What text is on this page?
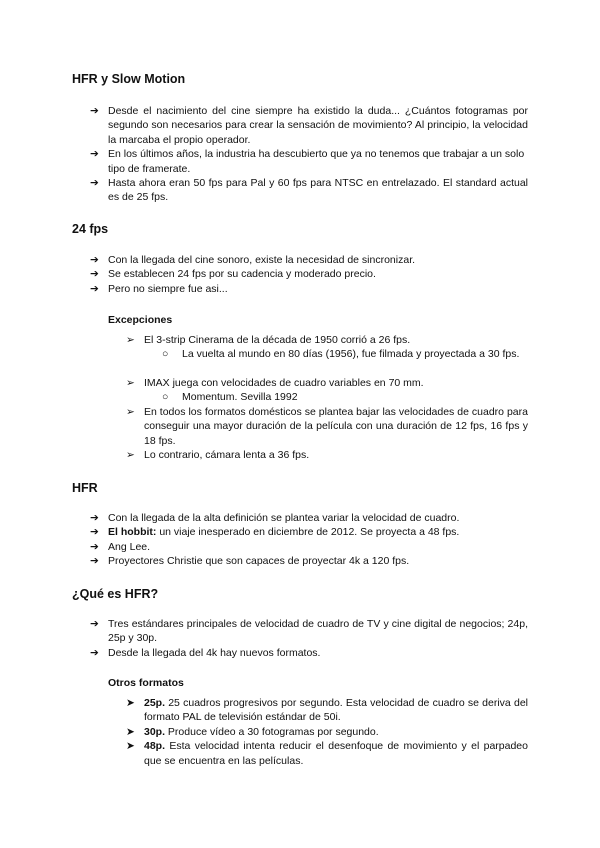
HFR y Slow Motion
➔ Desde el nacimiento del cine siempre ha existido la duda... ¿Cuántos fotogramas por segundo son necesarios para crear la sensación de movimiento? Al principio, la velocidad la marcaba el propio operador.
➔ En los últimos años, la industria ha descubierto que ya no tenemos que trabajar a un solo tipo de framerate.
➔ Hasta ahora eran 50 fps para Pal y 60 fps para NTSC en entrelazado. El standard actual es de 25 fps.
24 fps
➔ Con la llegada del cine sonoro, existe la necesidad de sincronizar.
➔ Se establecen 24 fps por su cadencia y moderado precio.
➔ Pero no siempre fue asi...
Excepciones
➢ El 3-strip Cinerama de la década de 1950 corrió a 26 fps.
○	La vuelta al mundo en 80 días (1956), fue filmada y proyectada a 30 fps.
➢ IMAX juega con velocidades de cuadro variables en 70 mm.
○	Momentum. Sevilla 1992
➢ En todos los formatos domésticos se plantea bajar las velocidades de cuadro para conseguir una mayor duración de la película con una duración de 12 fps, 16 fps y 18 fps.
➢ Lo contrario, cámara lenta a 36 fps.
HFR
➔ Con la llegada de la alta definición se plantea variar la velocidad de cuadro.
➔ El hobbit: un viaje inesperado en diciembre de 2012. Se proyecta a 48 fps.
➔ Ang Lee.
➔ Proyectores Christie que son capaces de proyectar 4k a 120 fps.
¿Qué es HFR?
➔ Tres estándares principales de velocidad de cuadro de TV y cine digital de negocios; 24p, 25p y 30p.
➔ Desde la llegada del 4k hay nuevos formatos.
Otros formatos
➤ 25p. 25 cuadros progresivos por segundo. Esta velocidad de cuadro se deriva del formato PAL de televisión estándar de 50i.
➤ 30p. Produce vídeo a 30 fotogramas por segundo.
➤ 48p. Esta velocidad intenta reducir el desenfoque de movimiento y el parpadeo que se encuentra en las películas.
